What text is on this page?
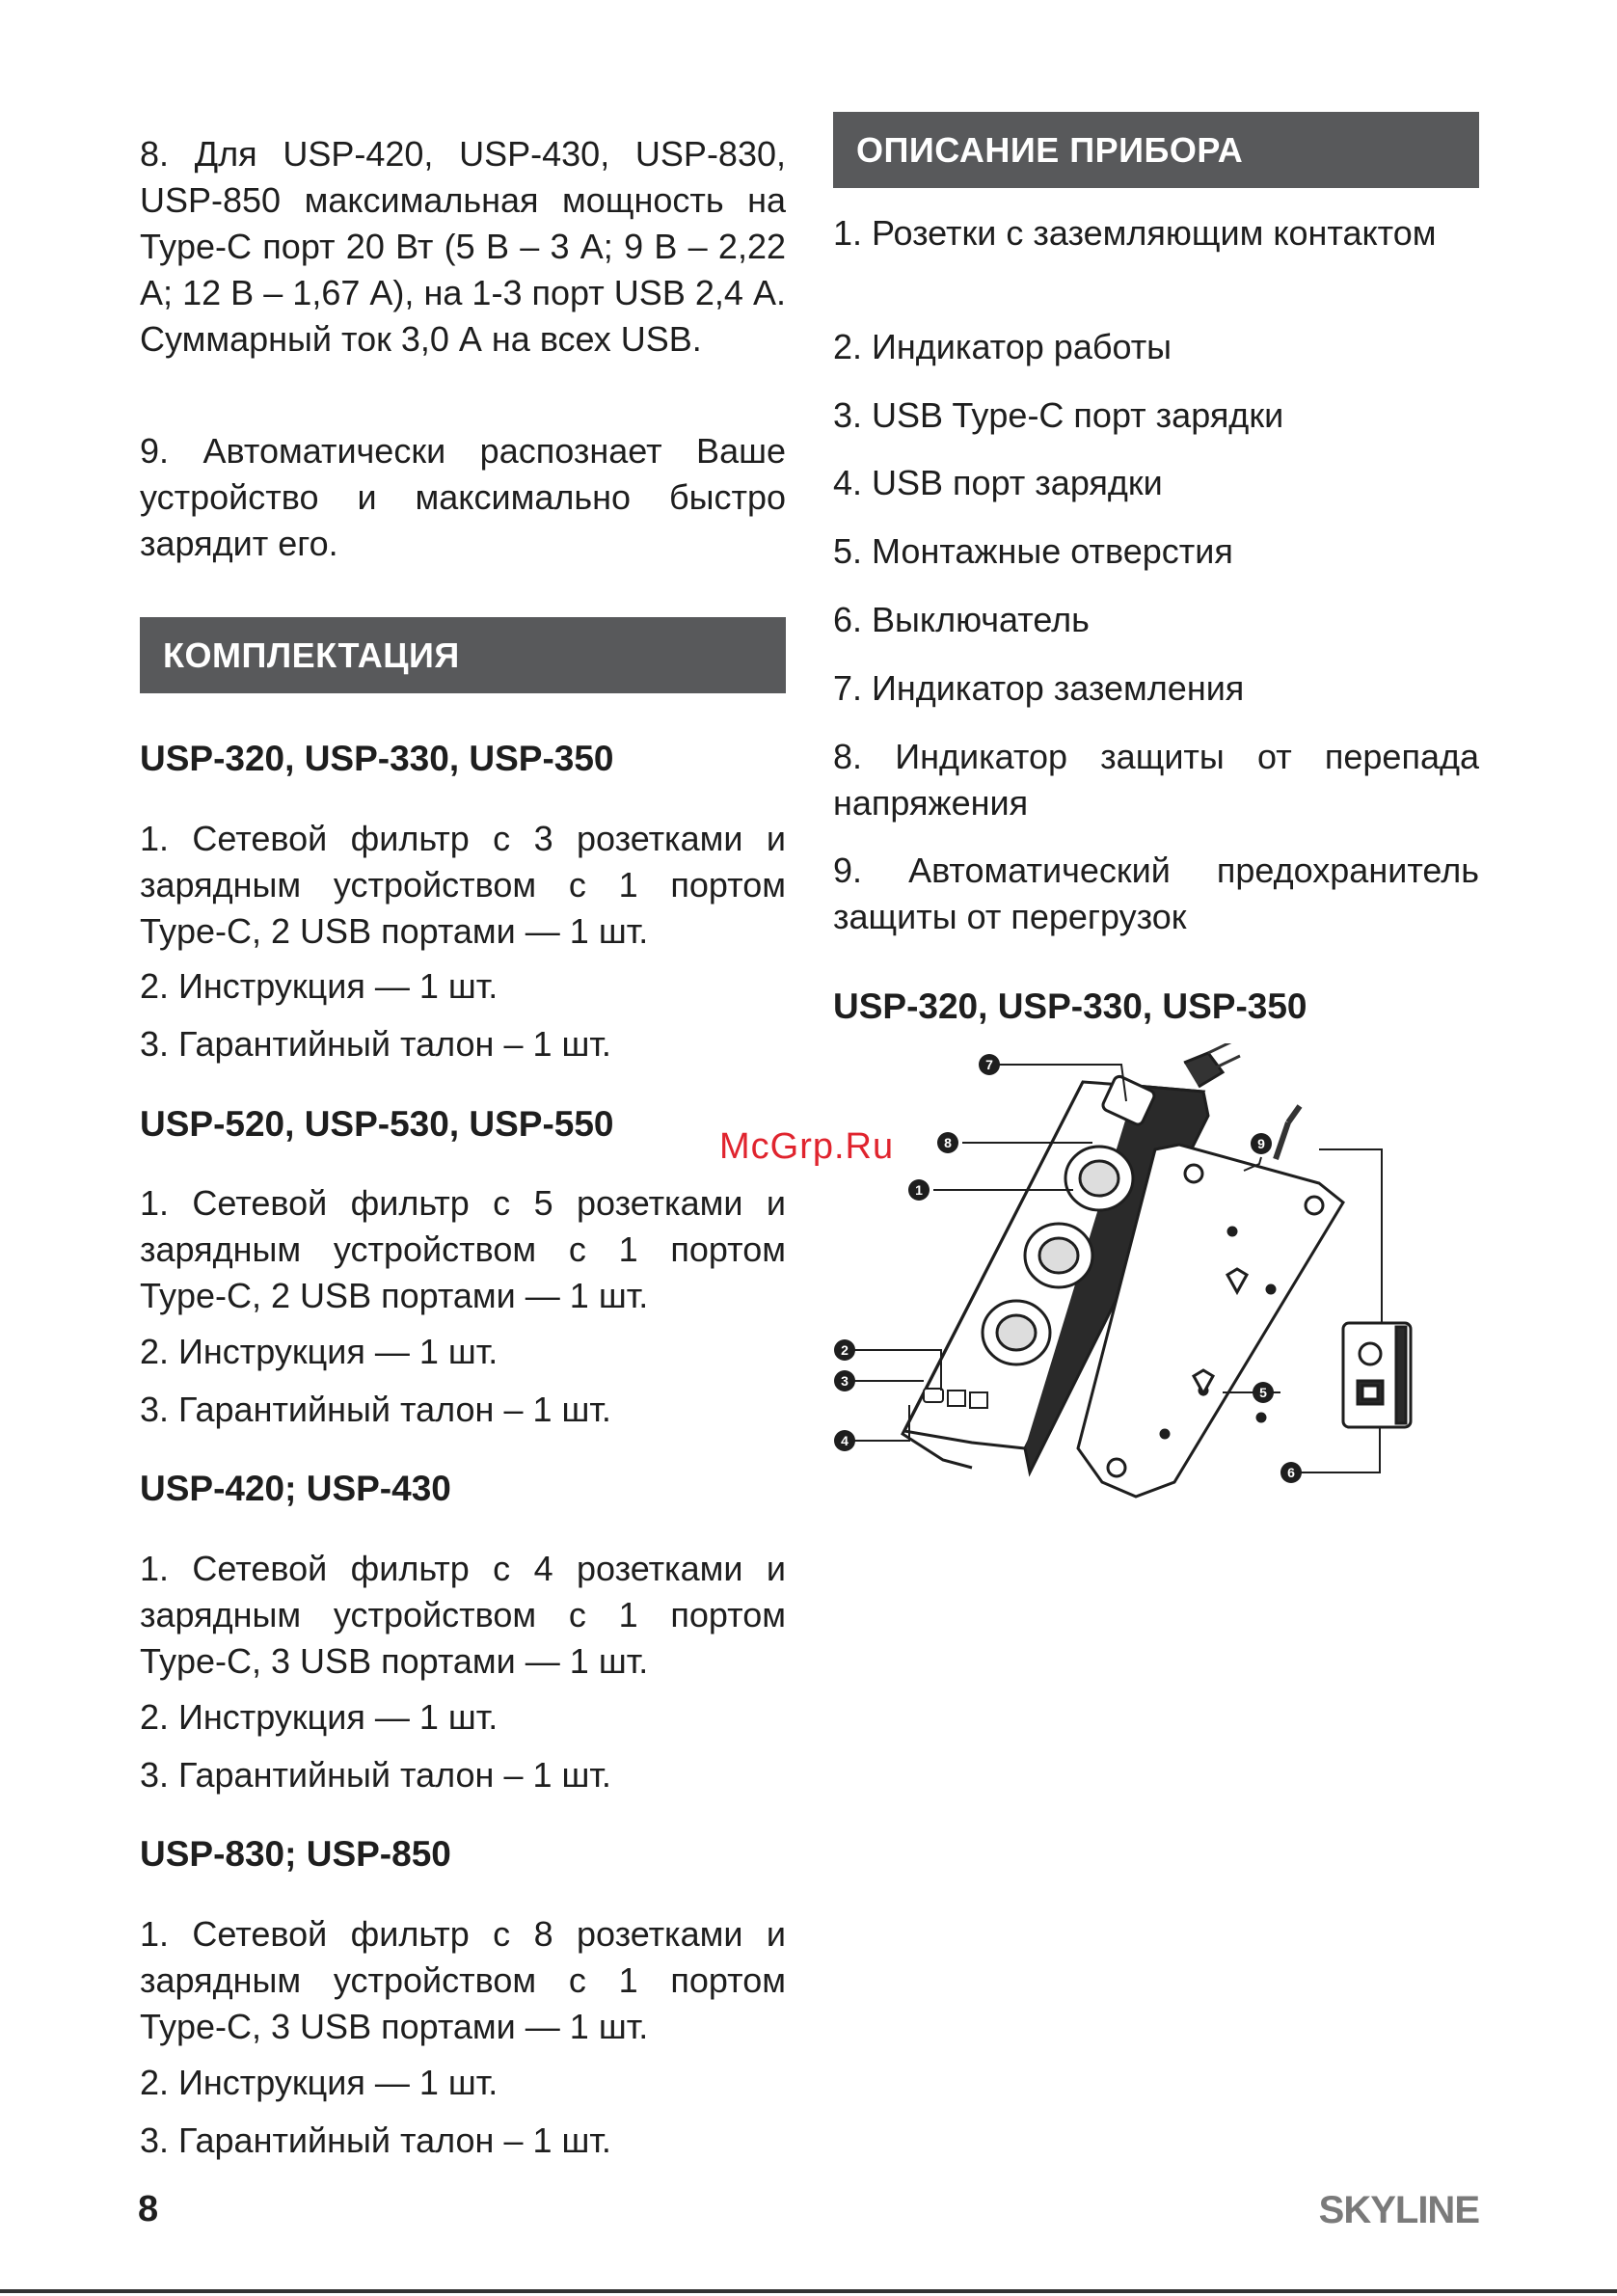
8. Для USP-420, USP-430, USP-830, USP-850 максимальная мощность на Type-C порт 20 Вт (5 В – 3 А; 9 В – 2,22 А; 12 В – 1,67 А), на 1-3 порт USB 2,4 А. Суммарный ток 3,0 А на всех USB.

9. Автоматически распознает Ваше устройство и максимально быстро зарядит его.

КОМПЛЕКТАЦИЯ

USP-320, USP-330, USP-350

1. Сетевой фильтр с 3 розетками и зарядным устройством с 1 портом Type-C, 2 USB портами — 1 шт.

2. Инструкция — 1 шт.

3. Гарантийный талон – 1 шт.

USP-520, USP-530, USP-550

1. Сетевой фильтр с 5 розетками и зарядным устройством с 1 портом Type-C, 2 USB портами — 1 шт.

2. Инструкция — 1 шт.

3. Гарантийный талон – 1 шт.

USP-420; USP-430

1. Сетевой фильтр с 4 розетками и зарядным устройством с 1 портом Type-C, 3 USB портами — 1 шт.

2. Инструкция — 1 шт.

3. Гарантийный талон – 1 шт.

USP-830; USP-850

1. Сетевой фильтр с 8 розетками и зарядным устройством с 1 портом Type-C, 3 USB портами — 1 шт.

2. Инструкция — 1 шт.

3. Гарантийный талон – 1 шт.

ОПИСАНИЕ ПРИБОРА

1. Розетки с заземляющим контактом

2. Индикатор работы

3. USB Type-C порт зарядки

4. USB порт зарядки

5. Монтажные отверстия

6. Выключатель

7. Индикатор заземления

8. Индикатор защиты от перепада напряжения

9. Автоматический предохранитель защиты от перегрузок

USP-320, USP-330, USP-350

7
8
1
2
3
4
5
6
9
McGrp.Ru
8	SKYLINE
